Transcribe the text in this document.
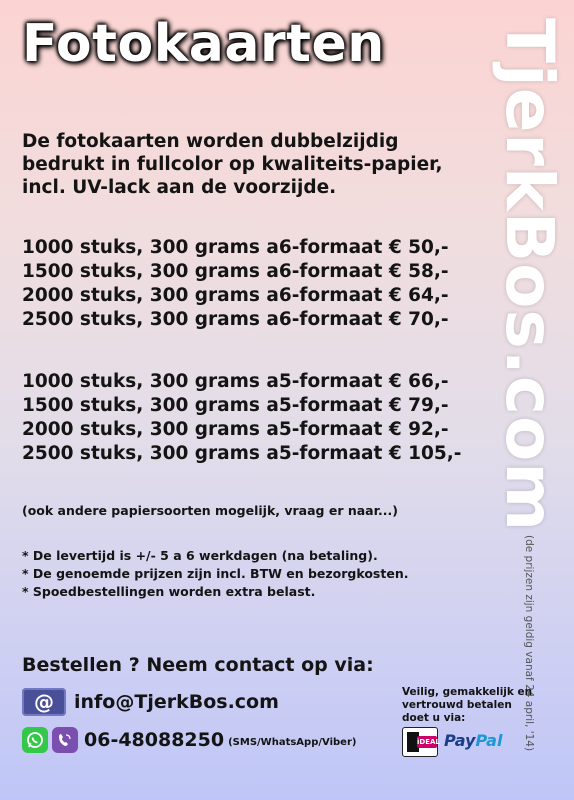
Fotokaarten TjerkBos.com
(de prijzen zijn geldig vanaf 24 april, '14)
De fotokaarten worden dubbelzijdig
bedrukt in fullcolor op kwaliteits-papier,
incl. UV-lack aan de voorzijde.
1000 stuks, 300 grams a6-formaat € 50,-
1500 stuks, 300 grams a6-formaat € 58,-
2000 stuks, 300 grams a6-formaat € 64,-
2500 stuks, 300 grams a6-formaat € 70,-
1000 stuks, 300 grams a5-formaat € 66,-
1500 stuks, 300 grams a5-formaat € 79,-
2000 stuks, 300 grams a5-formaat € 92,-
2500 stuks, 300 grams a5-formaat € 105,-
(ook andere papiersoorten mogelijk, vraag er naar...)
* De levertijd is +/- 5 a 6 werkdagen (na betaling).
* De genoemde prijzen zijn incl. BTW en bezorgkosten.
* Spoedbestellingen worden extra belast.
Bestellen ? Neem contact op via:
@	info@TjerkBos.com
06-48088250 (SMS/WhatsApp/Viber)
Veilig, gemakkelijk en
vertrouwd betalen
doet u via:
iDEAL PayPal
